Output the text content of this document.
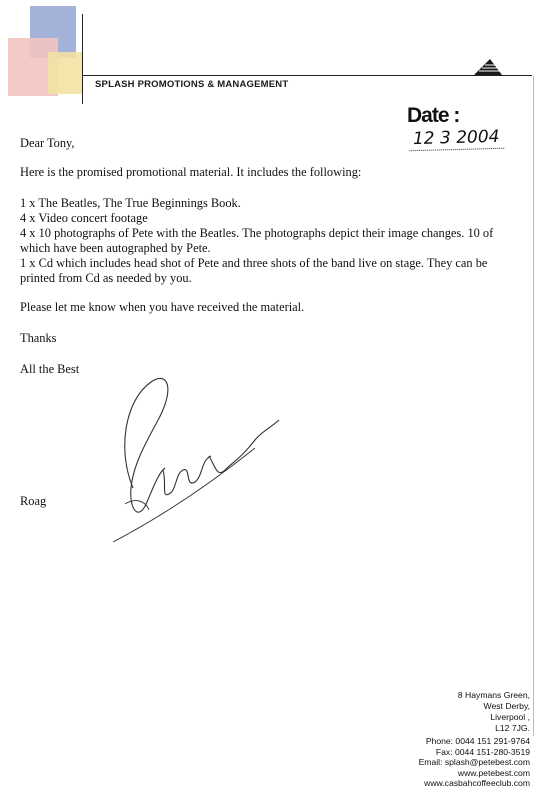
SPLASH PROMOTIONS & MANAGEMENT

Date :12 3 2004

Dear Tony,

Here is the promised promotional material. It includes the following:

1 x The Beatles, The True Beginnings Book.

4 x Video concert footage

4 x 10 photographs of Pete with the Beatles. The photographs depict their image changes. 10 of which have been autographed by Pete.

1 x Cd which includes head shot of Pete and three shots of the band live on stage. They can be printed from Cd as needed by you.

Please let me know when you have received the material.

Thanks

All the Best

Roag

8 Haymans Green,

West Derby,

Liverpool ,

L12 7JG.

Phone: 0044 151 291-9764

Fax: 0044 151-280-3519

Email: splash@petebest.com

www.petebest.com

www.casbahcoffeeclub.com
